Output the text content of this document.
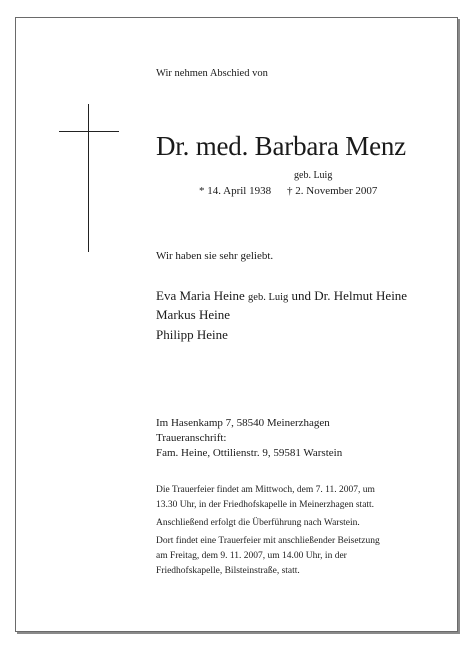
Wir nehmen Abschied von
Dr. med. Barbara Menz
geb. Luig
* 14. April 1938 † 2. November 2007
Wir haben sie sehr geliebt.
Eva Maria Heine geb. Luig und Dr. Helmut Heine
Markus Heine
Philipp Heine
Im Hasenkamp 7, 58540 Meinerzhagen
Traueranschrift:
Fam. Heine, Ottilienstr. 9, 59581 Warstein
Die Trauerfeier findet am Mittwoch, dem 7. 11. 2007, um
13.30 Uhr, in der Friedhofskapelle in Meinerzhagen statt.
Anschließend erfolgt die Überführung nach Warstein.
Dort findet eine Trauerfeier mit anschließender Beisetzung
am Freitag, dem 9. 11. 2007, um 14.00 Uhr, in der
Friedhofskapelle, Bilsteinstraße, statt.
